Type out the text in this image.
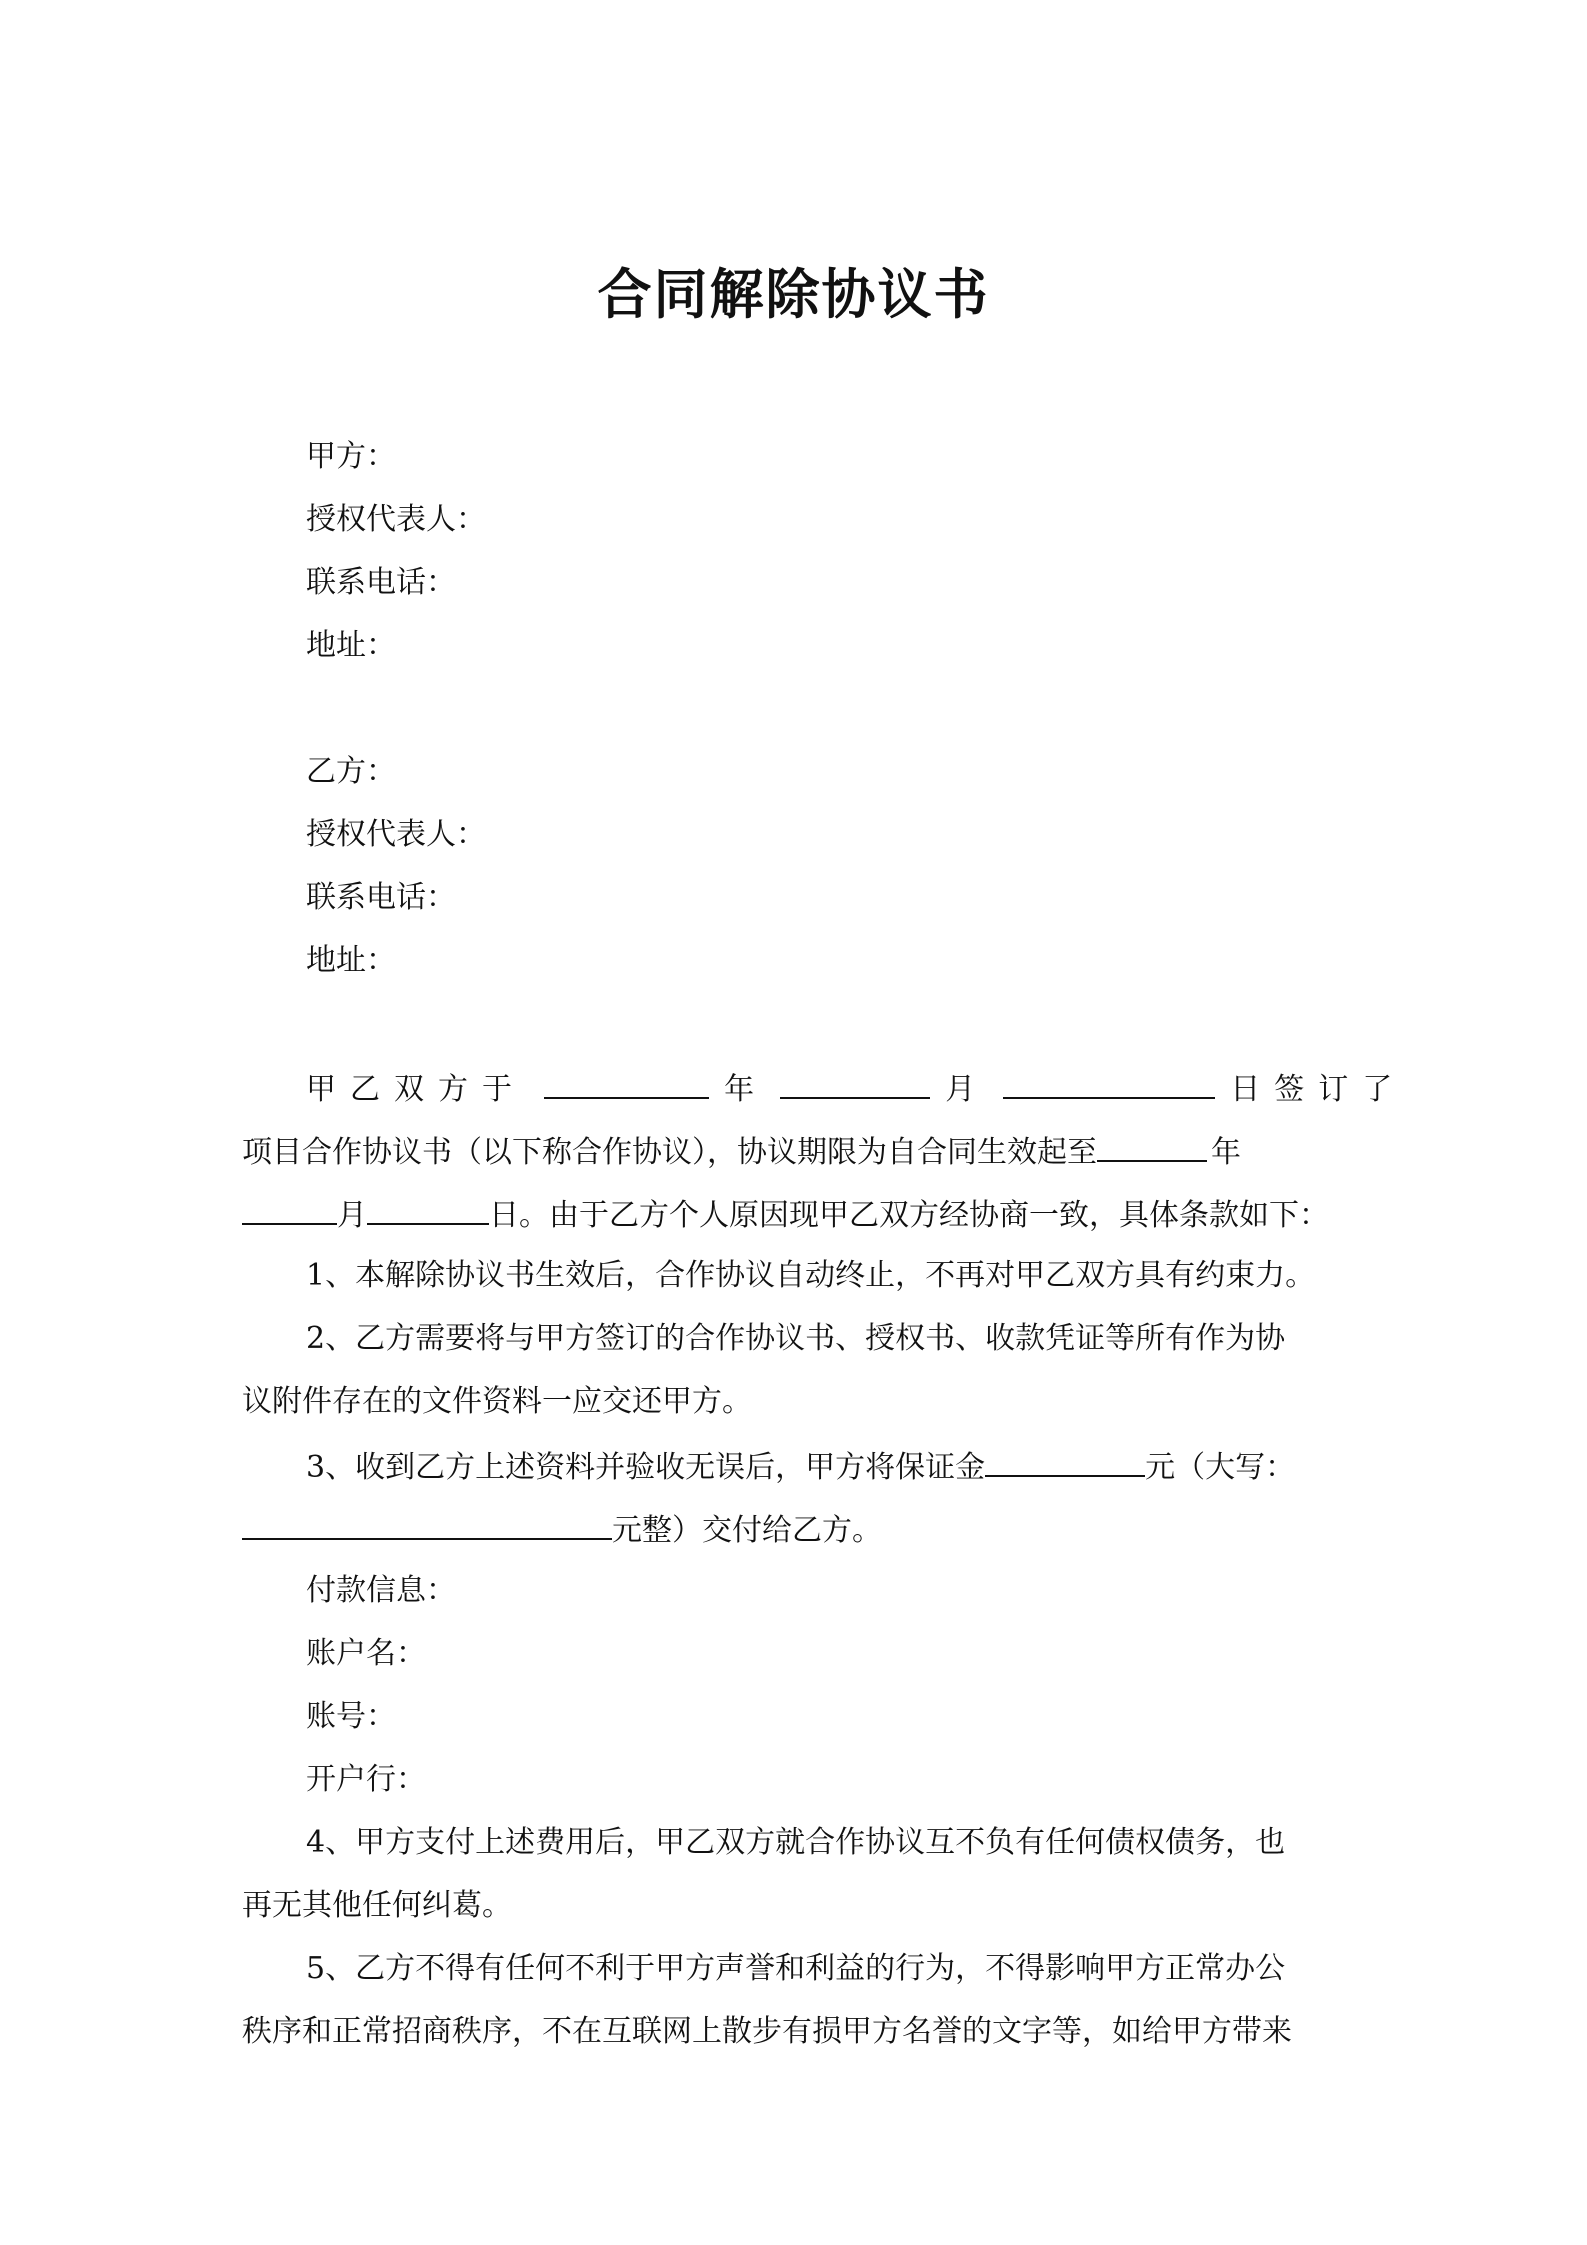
合同解除协议书
甲方：
授权代表人：
联系电话：
地址：
乙方：
授权代表人：
联系电话：
地址：
甲乙双方于	年	月	日签订了
项目合作协议书（以下称合作协议），协议期限为自合同生效起至	年
月	日。由于乙方个人原因现甲乙双方经协商一致，具体条款如下：
1、本解除协议书生效后，合作协议自动终止，不再对甲乙双方具有约束力。
2、乙方需要将与甲方签订的合作协议书、授权书、收款凭证等所有作为协
议附件存在的文件资料一应交还甲方。
3、收到乙方上述资料并验收无误后，甲方将保证金	元（大写：
元整）交付给乙方。
付款信息：
账户名：
账号：
开户行：
4、甲方支付上述费用后，甲乙双方就合作协议互不负有任何债权债务，也
再无其他任何纠葛。
5、乙方不得有任何不利于甲方声誉和利益的行为，不得影响甲方正常办公
秩序和正常招商秩序，不在互联网上散步有损甲方名誉的文字等，如给甲方带来
